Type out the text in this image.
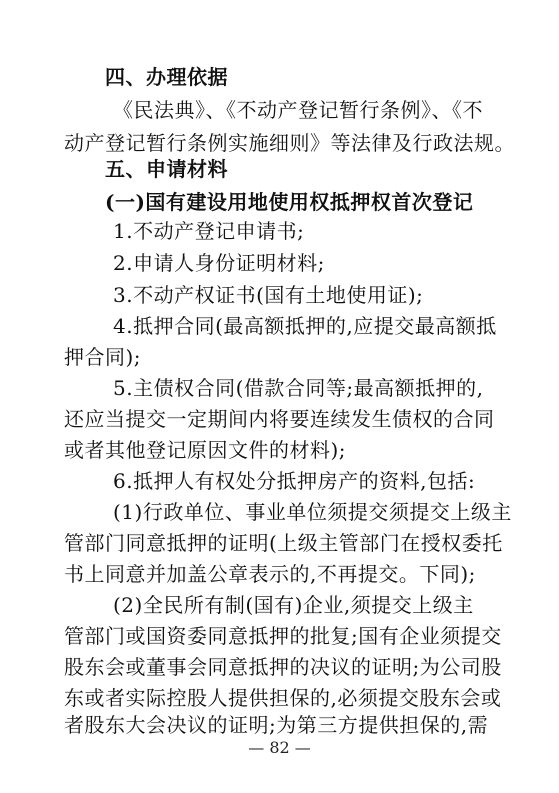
四、办理依据
《民法典》、《不动产登记暂行条例》、《不
动产登记暂行条例实施细则》等法律及行政法规。
五、申请材料
(一)国有建设用地使用权抵押权首次登记
1.不动产登记申请书;
2.申请人身份证明材料;
3.不动产权证书(国有土地使用证);
4.抵押合同(最高额抵押的,应提交最高额抵
押合同);
5.主债权合同(借款合同等;最高额抵押的,
还应当提交一定期间内将要连续发生债权的合同
或者其他登记原因文件的材料);
6.抵押人有权处分抵押房产的资料,包括:
(1)行政单位、事业单位须提交须提交上级主
管部门同意抵押的证明(上级主管部门在授权委托
书上同意并加盖公章表示的,不再提交。下同);
(2)全民所有制(国有)企业,须提交上级主
管部门或国资委同意抵押的批复;国有企业须提交
股东会或董事会同意抵押的决议的证明;为公司股
东或者实际控股人提供担保的,必须提交股东会或
者股东大会决议的证明;为第三方提供担保的,需
— 82 —
